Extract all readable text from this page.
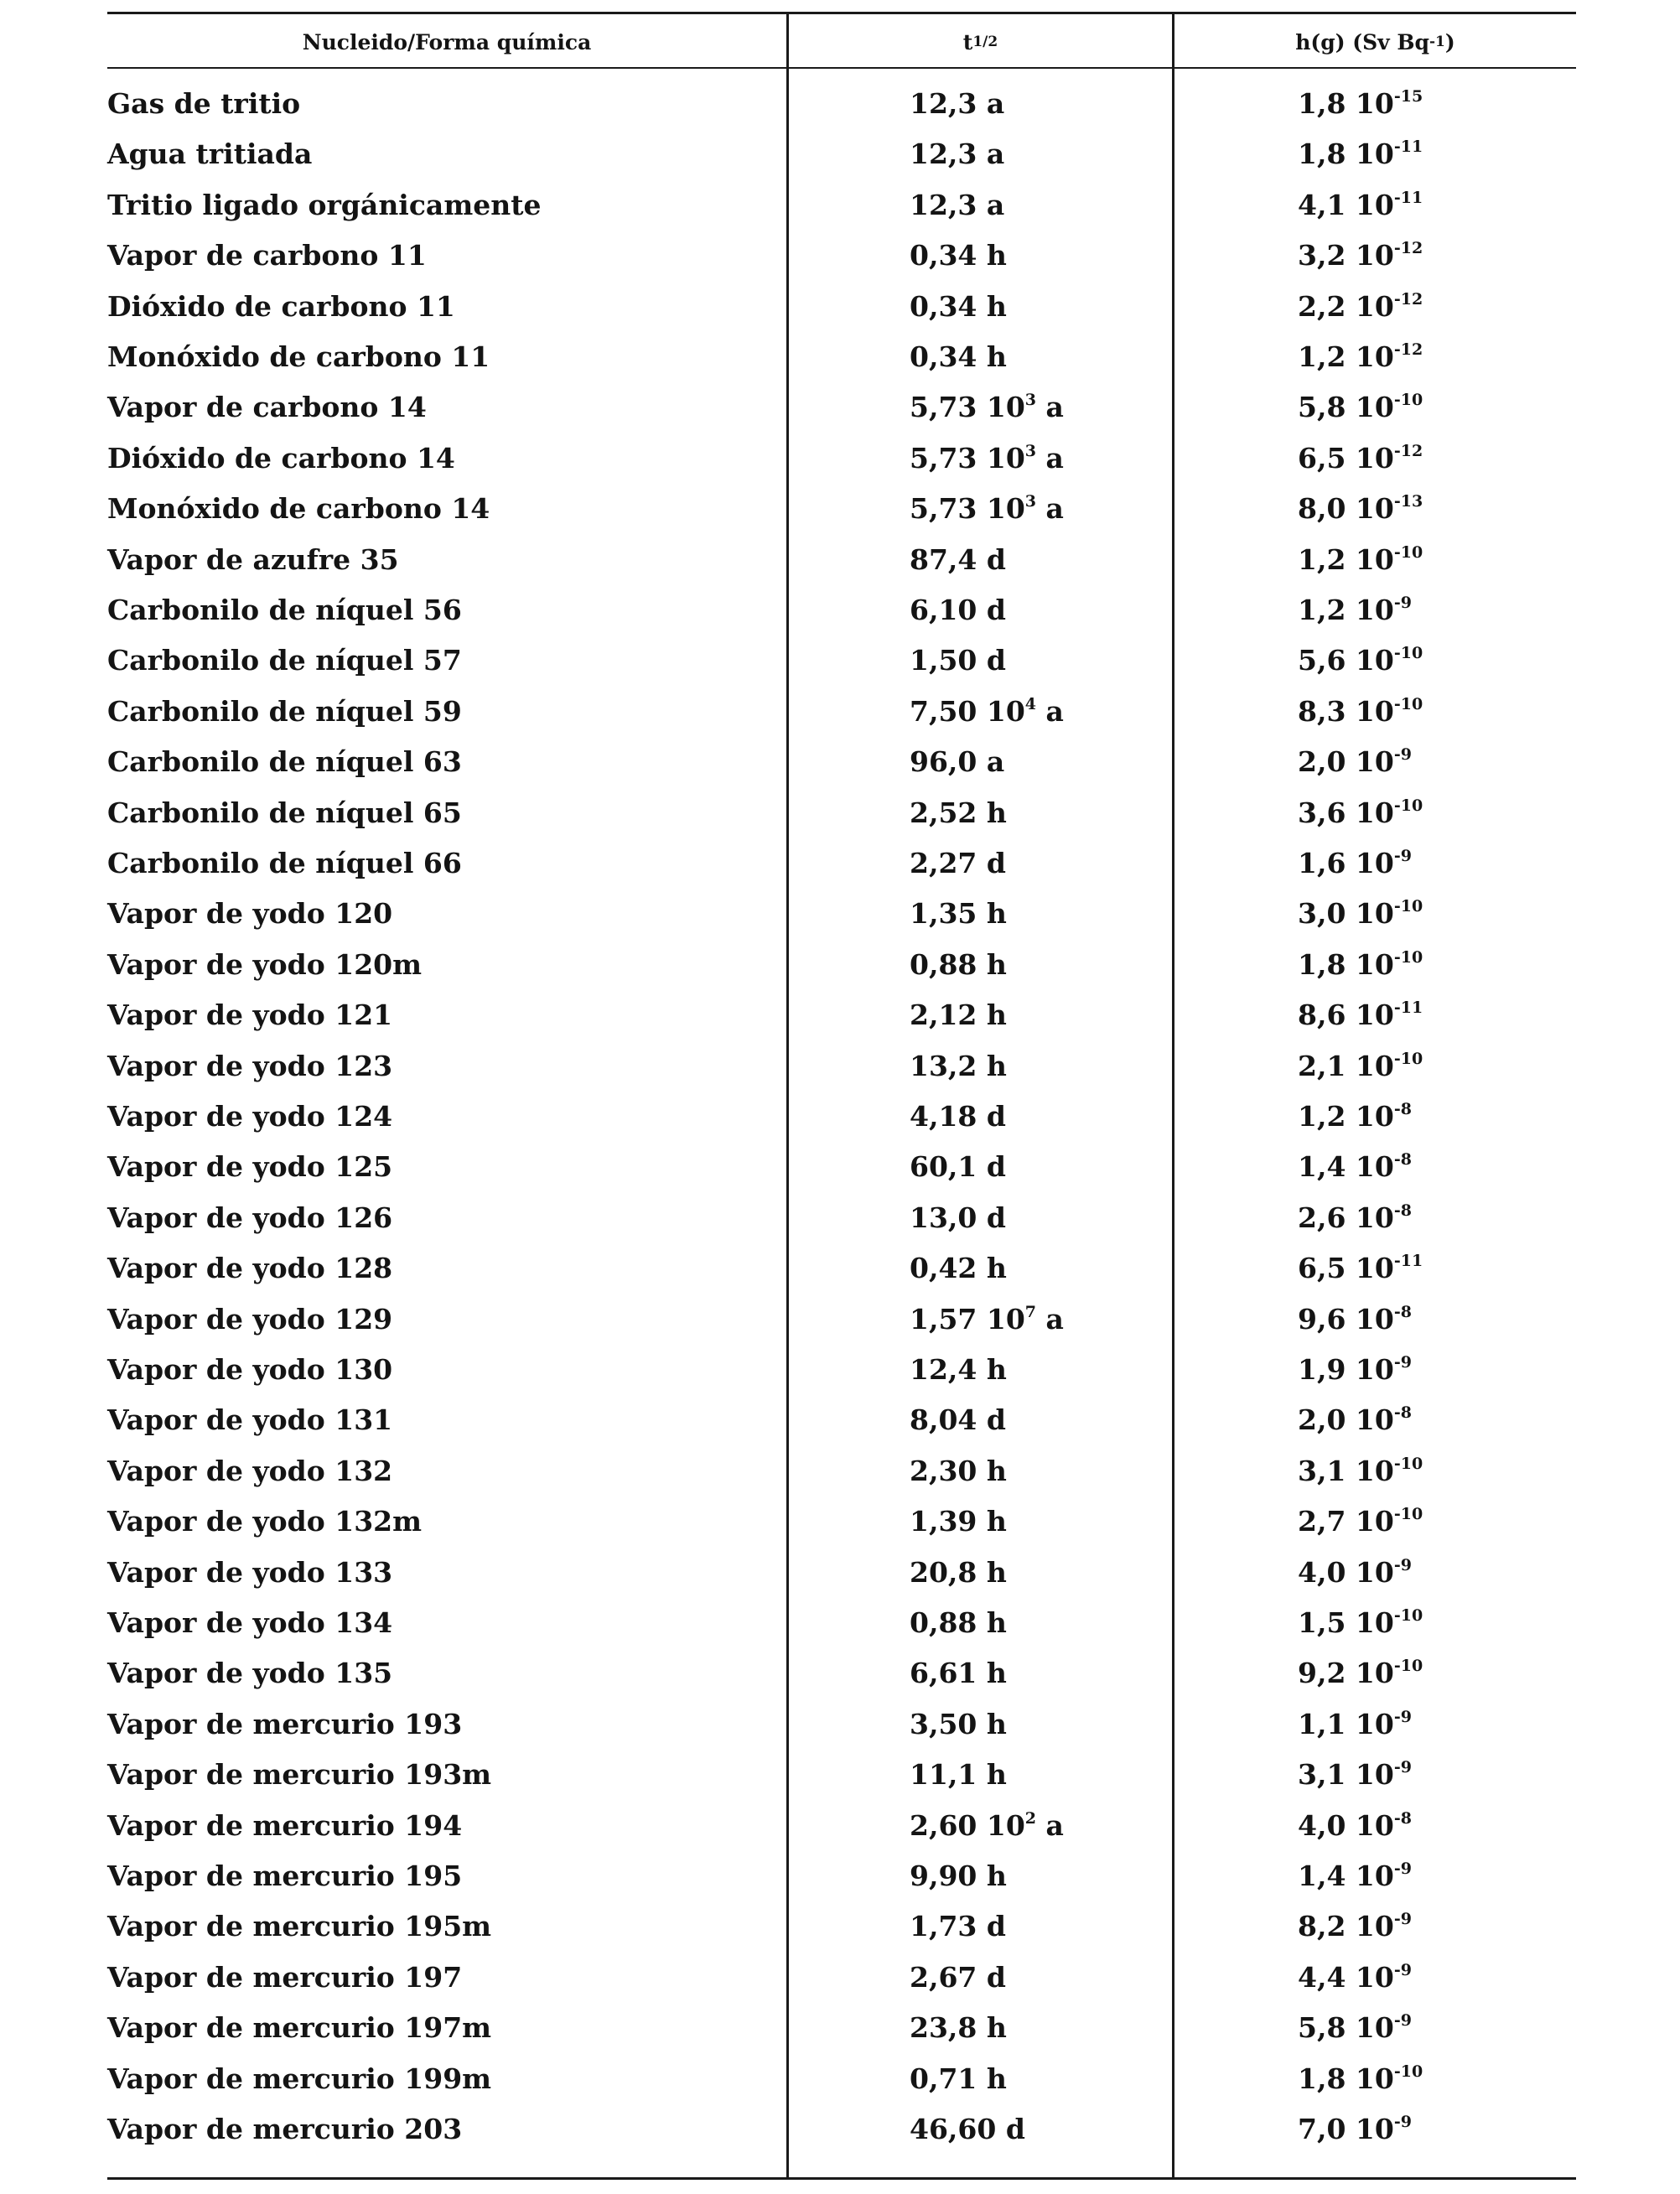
Nucleido/Forma química	t 1/2	h(g) (Sv Bq -1 )
Gas de tritio	12,3 a	1,8 $10^{-15}$
Agua tritiada	12,3 a	1,8 $10^{-11}$
Tritio ligado orgánicamente	12,3 a	4,1 $10^{-11}$
Vapor de carbono 11	0,34 h	3,2 $10^{-12}$
Dióxido de carbono 11	0,34 h	2,2 $10^{-12}$
Monóxido de carbono 11	0,34 h	1,2 $10^{-12}$
Vapor de carbono 14	5,73 $10^3$ a	5,8 $10^{-10}$
Dióxido de carbono 14	5,73 $10^3$ a	6,5 $10^{-12}$
Monóxido de carbono 14	5,73 $10^3$ a	8,0 $10^{-13}$
Vapor de azufre 35	87,4 d	1,2 $10^{-10}$
Carbonilo de níquel 56	6,10 d	1,2 $10^{-9}$
Carbonilo de níquel 57	1,50 d	5,6 $10^{-10}$
Carbonilo de níquel 59	7,50 $10^4$ a	8,3 $10^{-10}$
Carbonilo de níquel 63	96,0 a	2,0 $10^{-9}$
Carbonilo de níquel 65	2,52 h	3,6 $10^{-10}$
Carbonilo de níquel 66	2,27 d	1,6 $10^{-9}$
Vapor de yodo 120	1,35 h	3,0 $10^{-10}$
Vapor de yodo 120m	0,88 h	1,8 $10^{-10}$
Vapor de yodo 121	2,12 h	8,6 $10^{-11}$
Vapor de yodo 123	13,2 h	2,1 $10^{-10}$
Vapor de yodo 124	4,18 d	1,2 $10^{-8}$
Vapor de yodo 125	60,1 d	1,4 $10^{-8}$
Vapor de yodo 126	13,0 d	2,6 $10^{-8}$
Vapor de yodo 128	0,42 h	6,5 $10^{-11}$
Vapor de yodo 129	1,57 $10^7$ a	9,6 $10^{-8}$
Vapor de yodo 130	12,4 h	1,9 $10^{-9}$
Vapor de yodo 131	8,04 d	2,0 $10^{-8}$
Vapor de yodo 132	2,30 h	3,1 $10^{-10}$
Vapor de yodo 132m	1,39 h	2,7 $10^{-10}$
Vapor de yodo 133	20,8 h	4,0 $10^{-9}$
Vapor de yodo 134	0,88 h	1,5 $10^{-10}$
Vapor de yodo 135	6,61 h	9,2 $10^{-10}$
Vapor de mercurio 193	3,50 h	1,1 $10^{-9}$
Vapor de mercurio 193m	11,1 h	3,1 $10^{-9}$
Vapor de mercurio 194	2,60 $10^2$ a	4,0 $10^{-8}$
Vapor de mercurio 195	9,90 h	1,4 $10^{-9}$
Vapor de mercurio 195m	1,73 d	8,2 $10^{-9}$
Vapor de mercurio 197	2,67 d	4,4 $10^{-9}$
Vapor de mercurio 197m	23,8 h	5,8 $10^{-9}$
Vapor de mercurio 199m	0,71 h	1,8 $10^{-10}$
Vapor de mercurio 203	46,60 d	7,0 $10^{-9}$
